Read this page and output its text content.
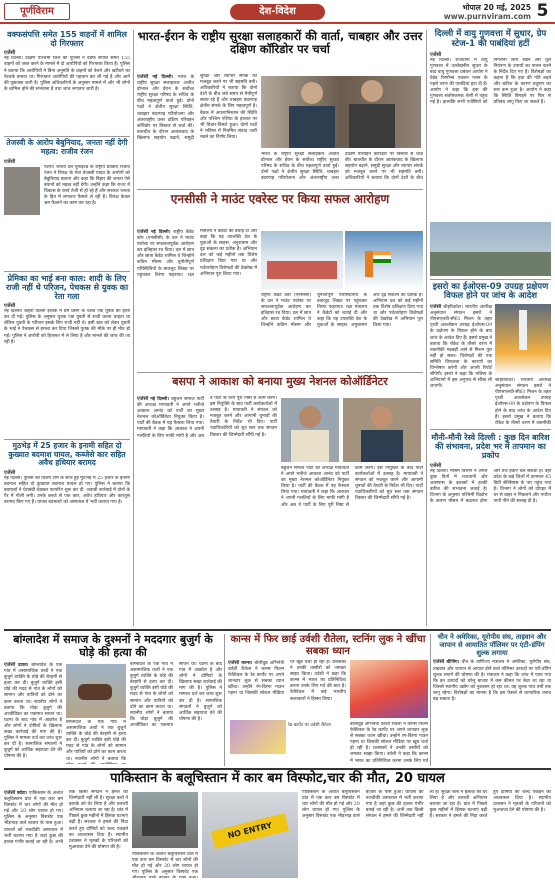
पूर्णविराम	देश-विदेश	भोपाल 20 मई, 2025
www.purnviram.com 5
वक्फसंपत्ति समेत 155 वाहनों में शामिल दो गिरफ्तार
एजेंसी
नई दिल्ली। दक्षिण पश्चिमी जिले की पुलिस ने वक्फ संपत्ति समेत 155 वाहनों को जब्त करने के मामले में दो आरोपियों को गिरफ्तार किया है। पुलिस ने बताया कि आरोपियों ने बिना अनुमति के वाहनों को बेचने और खरीदने का नेटवर्क बनाया था। गिरफ्तार आरोपियों की पहचान कर ली गई है और आगे की पूछताछ जारी है। पुलिस अधिकारियों के अनुसार मामले में और भी लोगों के शामिल होने की संभावना है तथा जांच लगातार जारी है।
तेजस्वी के आरोप बेबुनियाद, जनता नहीं देगी महत्व: राजीव रंजन
एजेंसी
पटना। जनता दल यूनाइटेड के राष्ट्रीय प्रवक्ता राजीव रंजन ने विपक्ष के नेता तेजस्वी यादव के आरोपों को बेबुनियाद बताया और कहा कि बिहार की जनता ऐसे बयानों को महत्व नहीं देगी। उन्होंने कहा कि राज्य में विकास के कार्य तेजी से हो रहे हैं और सरकार जनता के हित में लगातार फैसले ले रही है। विपक्ष केवल भ्रम फैलाने का काम कर रहा है।
प्रेमिका का भाई बना काल: शादी के लिए राजी नहीं थे परिजन, पेचकस से युवक का रेता गला
एजेंसी
नई दिल्ली। बाहरी दिल्ली इलाके में प्रेम प्रसंग के चलते एक युवक की हत्या कर दी गई। पुलिस के अनुसार युवक एक युवती से शादी करना चाहता था लेकिन युवती के परिजन इसके लिए राजी नहीं थे। इसी बात को लेकर युवती के भाई ने पेचकस से हमला कर दिया जिससे युवक की मौके पर ही मौत हो गई। पुलिस ने आरोपी को हिरासत में ले लिया है और मामले की जांच की जा रही है।
मुठभेड़ में 25 हजार के इनामी सहित दो कुख्यात बदमाश घायल, कब्जेसे कार सहित अवैध हथियार बरामद
एजेंसी
नई दिल्ली। पुलिस की विशेष टीम के साथ हुई मुठभेड़ में 25 हजार के इनामी बदमाश सहित दो कुख्यात बदमाश घायल हो गए। पुलिस ने बताया कि बदमाशों ने घेराबंदी देखकर फायरिंग शुरू कर दी, जवाबी कार्रवाई में दोनों के पैर में गोली लगी। उनके कब्जे से एक कार, अवैध हथियार और कारतूस बरामद किए गए हैं। घायल बदमाशों को अस्पताल में भर्ती कराया गया है।
भारत-ईरान के राष्ट्रीय सुरक्षा सलाहकारों की वार्ता, चाबहार और उत्तर दक्षिण कॉरिडोर पर चर्चा
एजेंसी नई दिल्ली। भारत के राष्ट्रीय सुरक्षा सलाहकार अजीत डोभाल और ईरान के सर्वोच्च राष्ट्रीय सुरक्षा परिषद के सचिव के बीच महत्वपूर्ण वार्ता हुई। दोनों पक्षों ने क्षेत्रीय सुरक्षा स्थिति, चाबहार बंदरगाह परियोजना और अंतरराष्ट्रीय उत्तर दक्षिण परिवहन कॉरिडोर पर विस्तार से चर्चा की। बातचीत के दौरान आतंकवाद के खिलाफ सहयोग बढ़ाने, समुद्री सुरक्षा और व्यापार संपर्क को मजबूत करने पर भी सहमति बनी। अधिकारियों ने बताया कि दोनों देशों के बीच लंबे समय से मैत्रीपूर्ण संबंध रहे हैं और चाबहार बंदरगाह क्षेत्रीय संपर्क के लिए महत्वपूर्ण है। बैठक में अफगानिस्तान की स्थिति और पश्चिम एशिया के हालात पर भी विचार-विमर्श हुआ। दोनों पक्षों ने भविष्य में नियमित संवाद जारी रखने का निर्णय लिया।
भारत के राष्ट्रीय सुरक्षा सलाहकार अजीत डोभाल और ईरान के सर्वोच्च राष्ट्रीय सुरक्षा परिषद के सचिव के बीच महत्वपूर्ण वार्ता हुई। दोनों पक्षों ने क्षेत्रीय सुरक्षा स्थिति, चाबहार बंदरगाह परियोजना और अंतरराष्ट्रीय उत्तर दक्षिण परिवहन कॉरिडोर पर विस्तार से चर्चा की। बातचीत के दौरान आतंकवाद के खिलाफ सहयोग बढ़ाने, समुद्री सुरक्षा और व्यापार संपर्क को मजबूत करने पर भी सहमति बनी। अधिकारियों ने बताया कि दोनों देशों के बीच
एनसीसी ने माउंट एवरेस्ट पर किया सफल आरोहण
एजेंसी नई दिल्ली। राष्ट्रीय कैडेट कोर (एनसीसी) के दल ने माउंट एवरेस्ट पर सफलतापूर्वक आरोहण कर इतिहास रच दिया। दल में छात्र और छात्रा कैडेट शामिल थे जिन्होंने कठिन मौसम और चुनौतीपूर्ण परिस्थितियों के बावजूद शिखर पर पहुंचकर तिरंगा फहराया। रक्षा मंत्रालय ने कैडेटों को बधाई दी और कहा कि यह उपलब्धि देश के युवाओं के साहस, अनुशासन और दृढ़ संकल्प का प्रतीक है। अभियान दल को कई महीनों तक विशेष प्रशिक्षण दिया गया था और पर्वतारोहण विशेषज्ञों की देखरेख में अभियान पूरा किया गया।
राष्ट्रीय कैडेट कोर (एनसीसी) के दल ने माउंट एवरेस्ट पर सफलतापूर्वक आरोहण कर इतिहास रच दिया। दल में छात्र और छात्रा कैडेट शामिल थे जिन्होंने कठिन मौसम और चुनौतीपूर्ण परिस्थितियों के बावजूद शिखर पर पहुंचकर तिरंगा फहराया। रक्षा मंत्रालय ने कैडेटों को बधाई दी और कहा कि यह उपलब्धि देश के युवाओं के साहस, अनुशासन और दृढ़ संकल्प का प्रतीक है। अभियान दल को कई महीनों तक विशेष प्रशिक्षण दिया गया था और पर्वतारोहण विशेषज्ञों की देखरेख में अभियान पूरा किया गया।
बसपा ने आकाश को बनाया मुख्य नेशनल कोऑर्डिनेटर
एजेंसी नई दिल्ली। बहुजन समाज पार्टी की अध्यक्ष मायावती ने अपने भतीजे आकाश आनंद को पार्टी का मुख्य नेशनल कोऑर्डिनेटर नियुक्त किया है। पार्टी की बैठक में यह फैसला लिया गया। मायावती ने कहा कि आकाश ने अपनी गलतियों के लिए माफी मांगी है और अब वे पार्टी के लिए पूरी निष्ठा से काम करेंगे। इस नियुक्ति के बाद पार्टी कार्यकर्ताओं में उत्साह है। मायावती ने संगठन को मजबूत करने और आगामी चुनावों की तैयारी के निर्देश भी दिए। पार्टी पदाधिकारियों को बूथ स्तर तक संगठन विस्तार की जिम्मेदारी सौंपी गई है।
बहुजन समाज पार्टी की अध्यक्ष मायावती ने अपने भतीजे आकाश आनंद को पार्टी का मुख्य नेशनल कोऑर्डिनेटर नियुक्त किया है। पार्टी की बैठक में यह फैसला लिया गया। मायावती ने कहा कि आकाश ने अपनी गलतियों के लिए माफी मांगी है और अब वे पार्टी के लिए पूरी निष्ठा से काम करेंगे। इस नियुक्ति के बाद पार्टी कार्यकर्ताओं में उत्साह है। मायावती ने संगठन को मजबूत करने और आगामी चुनावों की तैयारी के निर्देश भी दिए। पार्टी पदाधिकारियों को बूथ स्तर तक संगठन विस्तार की जिम्मेदारी सौंपी गई है।
दिल्ली में वायु गुणवत्ता में सुधार, ग्रेप स्टेज-1 की पाबंदियां हटीं
एजेंसी
नई दिल्ली। राजधानी में वायु गुणवत्ता में उल्लेखनीय सुधार के बाद वायु गुणवत्ता प्रबंधन आयोग ने ग्रेडेड रिस्पॉन्स एक्शन प्लान के पहले चरण की पाबंदियां हटा दी हैं। आयोग ने कहा कि हवा की गुणवत्ता संतोषजनक श्रेणी में पहुंच गई है। हालांकि सभी एजेंसियों को निगरानी जारी रखने और धूल नियंत्रण के उपायों का पालन करने के निर्देश दिए गए हैं। विशेषज्ञों का कहना है कि हवा की गति बढ़ने और बारिश के कारण प्रदूषण का स्तर कम हुआ है। आयोग ने कहा कि स्थिति बिगड़ने पर फिर से प्रतिबंध लागू किए जा सकते हैं।
इसरो का ईओएस-09 उपग्रह प्रक्षेपण विफल होने पर जांच के आदेश
एजेंसी श्रीहरिकोटा। भारतीय अंतरिक्ष अनुसंधान संगठन इसरो ने पीएसएलवी-सी61 मिशन के तहत पृथ्वी अवलोकन उपग्रह ईओएस-09 के प्रक्षेपण के विफल होने के बाद जांच के आदेश दिए हैं। इसरो प्रमुख ने बताया कि रॉकेट के तीसरे चरण में तकनीकी गड़बड़ी आने से मिशन पूरा नहीं हो सका। विशेषज्ञों की एक समिति विफलता के कारणों का विश्लेषण करेगी और अपनी रिपोर्ट सौंपेगी। इसरो ने कहा कि भविष्य के अभियानों में इस अनुभव से सीख ली जाएगी।
श्रीहरिकोटा। भारतीय अंतरिक्ष अनुसंधान संगठन इसरो ने पीएसएलवी-सी61 मिशन के तहत पृथ्वी अवलोकन उपग्रह ईओएस-09 के प्रक्षेपण के विफल होने के बाद जांच के आदेश दिए हैं। इसरो प्रमुख ने बताया कि रॉकेट के तीसरे चरण में तकनीकी
मौनी-मौनी रेस्वे दिल्ली : कुछ दिन बारिश की संभावना, प्रदेश भर में तापमान का प्रकोप
एजेंसी
नई दिल्ली। मौसम विभाग ने अगले कुछ दिनों में राजधानी और आसपास के इलाकों में हल्की बारिश की संभावना जताई है। विभाग के अनुसार पश्चिमी विक्षोभ के कारण मौसम में बदलाव होगा और तेज हवाएं चल सकती हैं। वहीं प्रदेश के कई जिलों में तापमान 45 डिग्री सेल्सियस के पार पहुंच गया है। विभाग ने लोगों को दोपहर में घर से बाहर न निकलने और पर्याप्त पानी पीने की सलाह दी है।
बांग्लादेश में समाज के दुश्मनों ने मददगार बुजुर्ग के घोड़े की हत्या की
एजेंसी ढाका। बांग्लादेश के एक गांव में असामाजिक तत्वों ने एक बुजुर्ग व्यक्ति के घोड़े की बेरहमी से हत्या कर दी। बुजुर्ग व्यक्ति इसी घोड़े की मदद से गांव के लोगों को सामान और यात्रियों को ढोने का काम करता था। स्थानीय लोगों ने बताया कि घोड़ा बुजुर्ग की आजीविका का एकमात्र साधन था। घटना के बाद गांव में आक्रोश है और लोगों ने दोषियों के खिलाफ सख्त कार्रवाई की मांग की है। पुलिस ने मामला दर्ज कर जांच शुरू कर दी है। सामाजिक संगठनों ने बुजुर्ग को आर्थिक सहायता देने की घोषणा की है।
बांग्लादेश के एक गांव में असामाजिक तत्वों ने एक बुजुर्ग व्यक्ति के घोड़े की बेरहमी से हत्या कर दी। बुजुर्ग व्यक्ति इसी घोड़े की मदद से गांव के लोगों को सामान और यात्रियों को ढोने का काम करता था। स्थानीय लोगों ने बताया कि
बांग्लादेश के एक गांव में असामाजिक तत्वों ने एक बुजुर्ग व्यक्ति के घोड़े की बेरहमी से हत्या कर दी। बुजुर्ग व्यक्ति इसी घोड़े की मदद से गांव के लोगों को सामान और यात्रियों को ढोने का काम करता था। स्थानीय लोगों ने बताया कि घोड़ा बुजुर्ग की आजीविका का एकमात्र साधन था। घटना के बाद गांव में आक्रोश है और लोगों ने दोषियों के खिलाफ सख्त कार्रवाई की मांग की है। पुलिस ने मामला दर्ज कर जांच शुरू कर दी है। सामाजिक संगठनों ने बुजुर्ग को आर्थिक सहायता देने की घोषणा की है।
कान्स में फिर छाई उर्वशी रौतेला, स्टनिंग लुक ने खींचा सबका ध्यान
एजेंसी कान्स। बॉलीवुड अभिनेत्री उर्वशी रौतेला ने कान्स फिल्म फेस्टिवल के रेड कार्पेट पर अपने शानदार लुक से सबका ध्यान खींचा। उन्होंने रंग-बिरंगा गाउन पहना था जिसकी सोशल मीडिया पर खूब चर्चा हो रही है। प्रशंसकों ने उनकी तस्वीरों को जमकर साझा किया। उर्वशी ने कहा कि कान्स में भारत का प्रतिनिधित्व करना उनके लिए गर्व की बात है। फेस्टिवल में कई भारतीय कलाकारों ने हिस्सा लिया।
रेड कार्पेट पर उर्वशी रौतेला	बॉलीवुड अभिनेत्री उर्वशी रौतेला ने कान्स फिल्म फेस्टिवल के रेड कार्पेट पर अपने शानदार लुक से सबका ध्यान खींचा। उन्होंने रंग-बिरंगा गाउन पहना था जिसकी सोशल मीडिया पर खूब चर्चा हो रही है। प्रशंसकों ने उनकी तस्वीरों को जमकर साझा किया। उर्वशी ने कहा कि कान्स में भारत का प्रतिनिधित्व करना उनके लिए गर्व
चीन ने अमेरिका, यूरोपीय संघ, ताइवान और जापान से आयातित पॉलिमर पर एंटी-डंपिंग शुल्क लगाया
एजेंसी बीजिंग। चीन के वाणिज्य मंत्रालय ने अमेरिका, यूरोपीय संघ, ताइवान और जापान से आयात होने वाले पॉलिमर उत्पादों पर एंटी-डंपिंग शुल्क लगाने की घोषणा की है। मंत्रालय ने कहा कि जांच में पाया गया कि इन उत्पादों को घरेलू बाजार में कम कीमत पर बेचा जा रहा था जिससे स्थानीय उद्योग को नुकसान हो रहा था। यह शुल्क पांच वर्षों तक लागू रहेगा। विशेषज्ञों का मानना है कि इस फैसले से व्यापारिक तनाव बढ़ सकता है।
पाकिस्तान के बलूचिस्तान में कार बम विस्फोट,चार की मौत, 20 घायल
एजेंसी क्वेटा। पाकिस्तान के अशांत बलूचिस्तान प्रांत में एक कार बम विस्फोट में चार लोगों की मौत हो गई और 20 लोग घायल हो गए। पुलिस के अनुसार विस्फोट एक भीड़भाड़ वाले बाजार के पास हुआ। घायलों को नजदीकी अस्पताल में भर्ती कराया गया है जहां कुछ की हालत गंभीर बताई जा रही है। अभी तक किसी संगठन ने हमले की जिम्मेदारी नहीं ली है। सुरक्षा बलों ने इलाके को घेर लिया है और तलाशी अभियान चलाया जा रहा है। प्रांत में पिछले कुछ महीनों में हिंसक घटनाएं बढ़ी हैं। सरकार ने हमले की निंदा करते हुए दोषियों को जल्द पकड़ने का आश्वासन दिया है। स्थानीय प्रशासन ने मृतकों के परिजनों को मुआवजा देने की घोषणा की है।
पाकिस्तान के अशांत बलूचिस्तान प्रांत में एक कार बम विस्फोट में चार लोगों की मौत हो गई और 20 लोग घायल हो गए। पुलिस के अनुसार विस्फोट एक
NO ENTRY
पाकिस्तान के अशांत बलूचिस्तान प्रांत में एक कार बम विस्फोट में चार लोगों की मौत हो गई और 20 लोग घायल हो गए। पुलिस के अनुसार विस्फोट एक भीड़भाड़ वाले बाजार के पास हुआ। घायलों को नजदीकी अस्पताल में भर्ती कराया गया है जहां कुछ की हालत गंभीर बताई जा रही है। अभी तक किसी संगठन ने हमले की जिम्मेदारी नहीं ली है। सुरक्षा बलों ने इलाके को घेर लिया है और तलाशी अभियान चलाया जा रहा है। प्रांत में पिछले कुछ महीनों में हिंसक घटनाएं बढ़ी हैं। सरकार ने हमले की निंदा करते हुए दोषियों को जल्द पकड़ने का आश्वासन दिया है। स्थानीय प्रशासन ने मृतकों के परिजनों को मुआवजा देने की घोषणा की है।
